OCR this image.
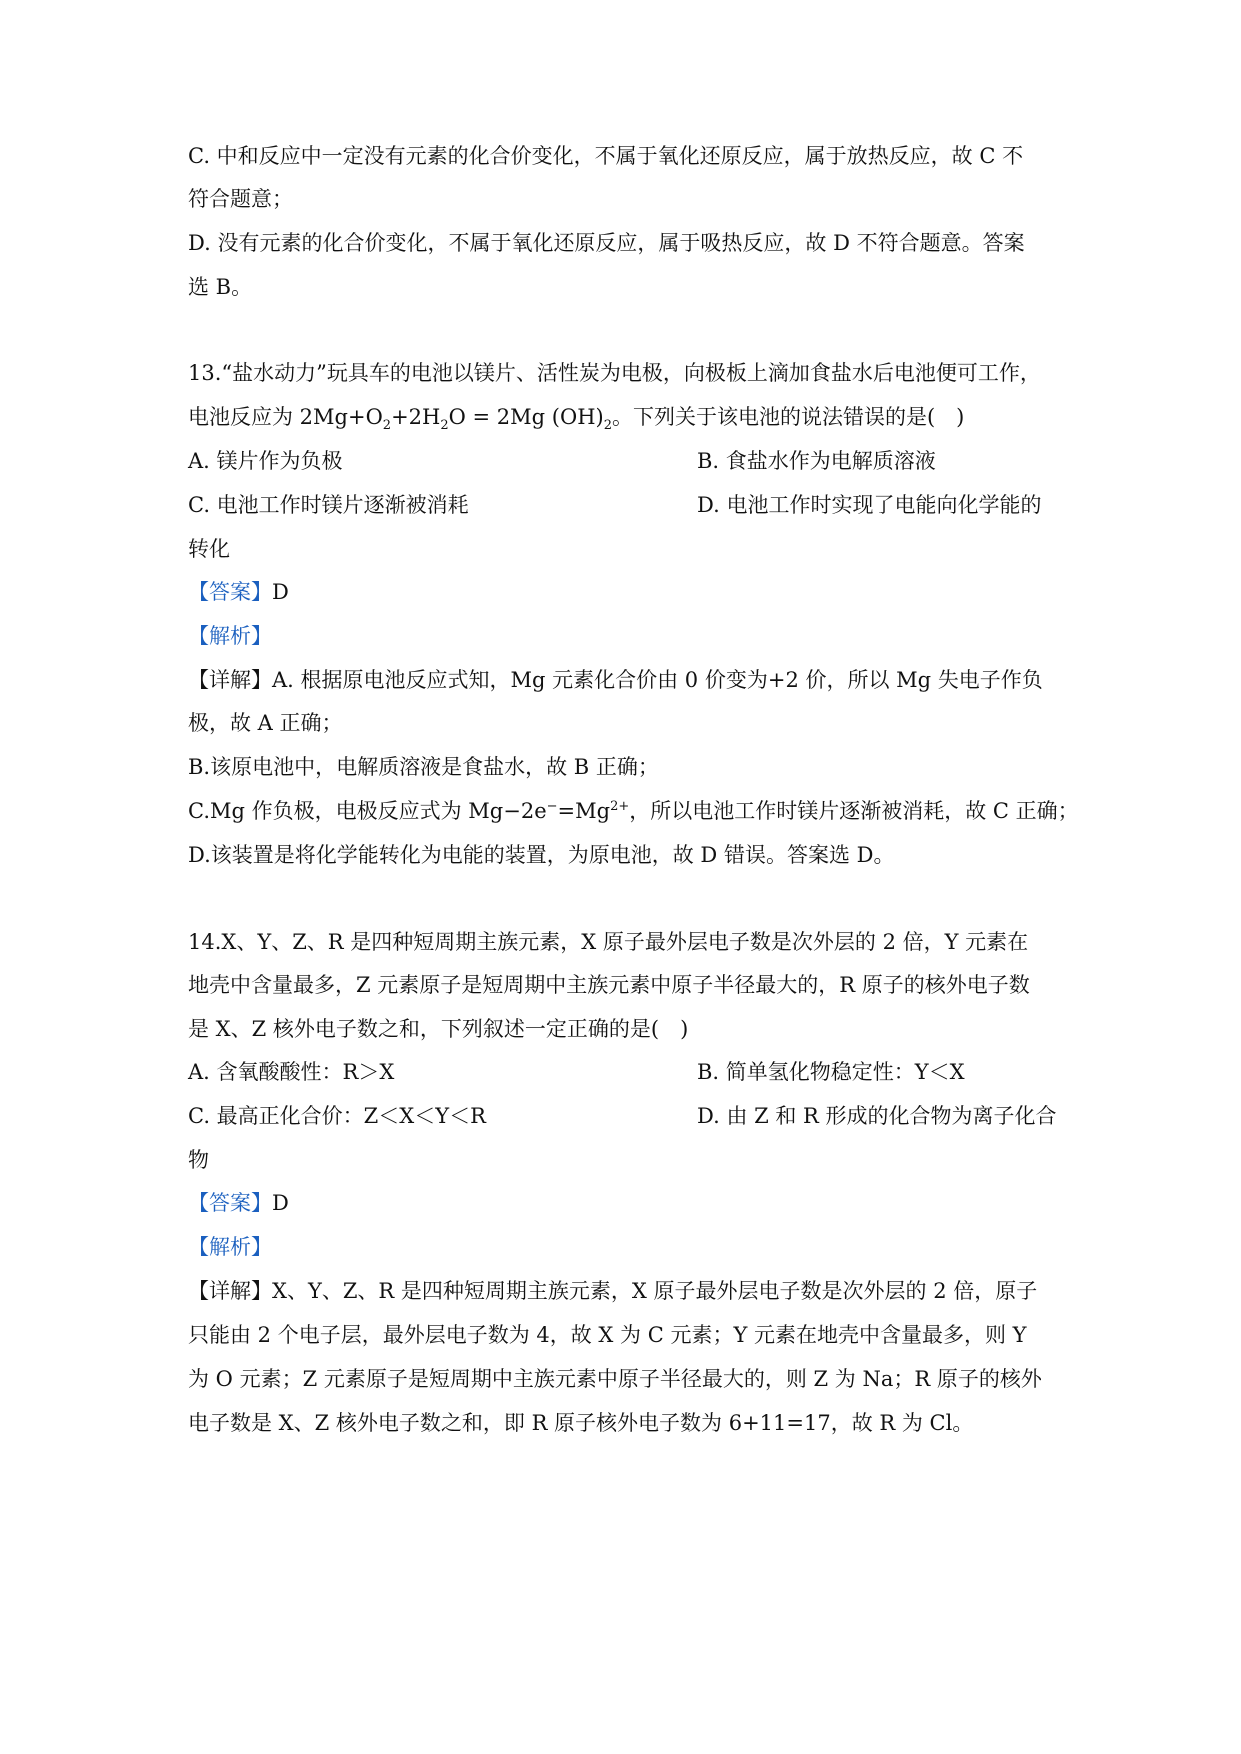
C. 中和反应中一定没有元素的化合价变化，不属于氧化还原反应，属于放热反应，故 C 不
符合题意；
D. 没有元素的化合价变化，不属于氧化还原反应，属于吸热反应，故 D 不符合题意。答案
选 B。
13.“盐水动力”玩具车的电池以镁片、活性炭为电极，向极板上滴加食盐水后电池便可工作，
电池反应为 $2Mg+O_2+2H_2O = 2Mg$ $(OH)_2$。下列关于该电池的说法错误的是(　)
A. 镁片作为负极	B. 食盐水作为电解质溶液
C. 电池工作时镁片逐渐被消耗	D. 电池工作时实现了电能向化学能的
转化
【答案】D
【解析】
【详解】A. 根据原电池反应式知，Mg 元素化合价由 0 价变为+2 价，所以 Mg 失电子作负
极，故 A 正确；
B.该原电池中，电解质溶液是食盐水，故 B 正确；
C.Mg 作负极，电极反应式为 $Mg-2e^-=Mg^{2+}$，所以电池工作时镁片逐渐被消耗，故 C 正确；
D.该装置是将化学能转化为电能的装置，为原电池，故 D 错误。答案选 D。
14.X、Y、Z、R 是四种短周期主族元素，X 原子最外层电子数是次外层的 2 倍，Y 元素在
地壳中含量最多，Z 元素原子是短周期中主族元素中原子半径最大的，R 原子的核外电子数
是 X、Z 核外电子数之和，下列叙述一定正确的是(　)
A. 含氧酸酸性：R＞X	B. 简单氢化物稳定性：Y＜X
C. 最高正化合价：Z＜X＜Y＜R	D. 由 Z 和 R 形成的化合物为离子化合
物
【答案】D
【解析】
【详解】X、Y、Z、R 是四种短周期主族元素，X 原子最外层电子数是次外层的 2 倍，原子
只能由 2 个电子层，最外层电子数为 4，故 X 为 C 元素；Y 元素在地壳中含量最多，则 Y
为 O 元素；Z 元素原子是短周期中主族元素中原子半径最大的，则 Z 为 Na；R 原子的核外
电子数是 X、Z 核外电子数之和，即 R 原子核外电子数为 6+11=17，故 R 为 Cl。
